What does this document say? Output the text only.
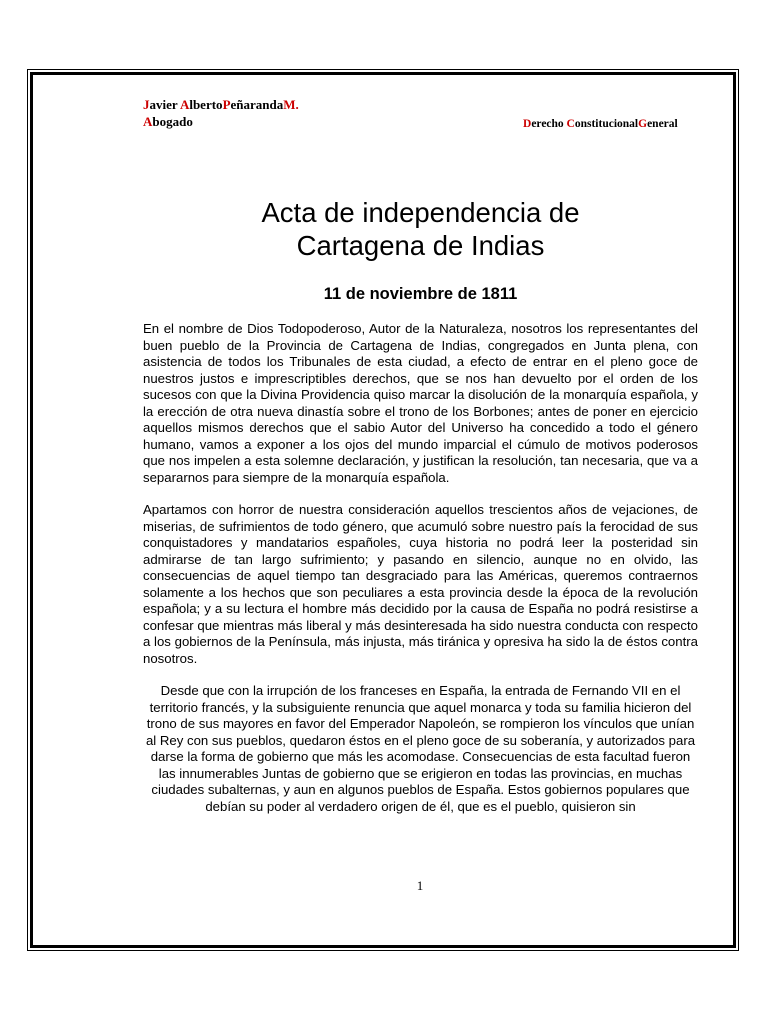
Javier AlbertoPeñarandaM.
Abogado	Derecho ConstitucionalGeneral
Acta de independencia de
Cartagena de Indias
11 de noviembre de 1811

En el nombre de Dios Todopoderoso, Autor de la Naturaleza, nosotros los representantes del buen pueblo de la Provincia de Cartagena de Indias, congregados en Junta plena, con asistencia de todos los Tribunales de esta ciudad, a efecto de entrar en el pleno goce de nuestros justos e imprescriptibles derechos, que se nos han devuelto por el orden de los sucesos con que la Divina Providencia quiso marcar la disolución de la monarquía española, y la erección de otra nueva dinastía sobre el trono de los Borbones; antes de poner en ejercicio aquellos mismos derechos que el sabio Autor del Universo ha concedido a todo el género humano, vamos a exponer a los ojos del mundo imparcial el cúmulo de motivos poderosos que nos impelen a esta solemne declaración, y justifican la resolución, tan necesaria, que va a separarnos para siempre de la monarquía española.

Apartamos con horror de nuestra consideración aquellos trescientos años de vejaciones, de miserias, de sufrimientos de todo género, que acumuló sobre nuestro país la ferocidad de sus conquistadores y mandatarios españoles, cuya historia no podrá leer la posteridad sin admirarse de tan largo sufrimiento; y pasando en silencio, aunque no en olvido, las consecuencias de aquel tiempo tan desgraciado para las Américas, queremos contraernos solamente a los hechos que son peculiares a esta provincia desde la época de la revolución española; y a su lectura el hombre más decidido por la causa de España no podrá resistirse a confesar que mientras más liberal y más desinteresada ha sido nuestra conducta con respecto a los gobiernos de la Península, más injusta, más tiránica y opresiva ha sido la de éstos contra nosotros.

Desde que con la irrupción de los franceses en España, la entrada de Fernando VII en el territorio francés, y la subsiguiente renuncia que aquel monarca y toda su familia hicieron del trono de sus mayores en favor del Emperador Napoleón, se rompieron los vínculos que unían al Rey con sus pueblos, quedaron éstos en el pleno goce de su soberanía, y autorizados para darse la forma de gobierno que más les acomodase. Consecuencias de esta facultad fueron las innumerables Juntas de gobierno que se erigieron en todas las provincias, en muchas ciudades subalternas, y aun en algunos pueblos de España. Estos gobiernos populares que debían su poder al verdadero origen de él, que es el pueblo, quisieron sin

1
